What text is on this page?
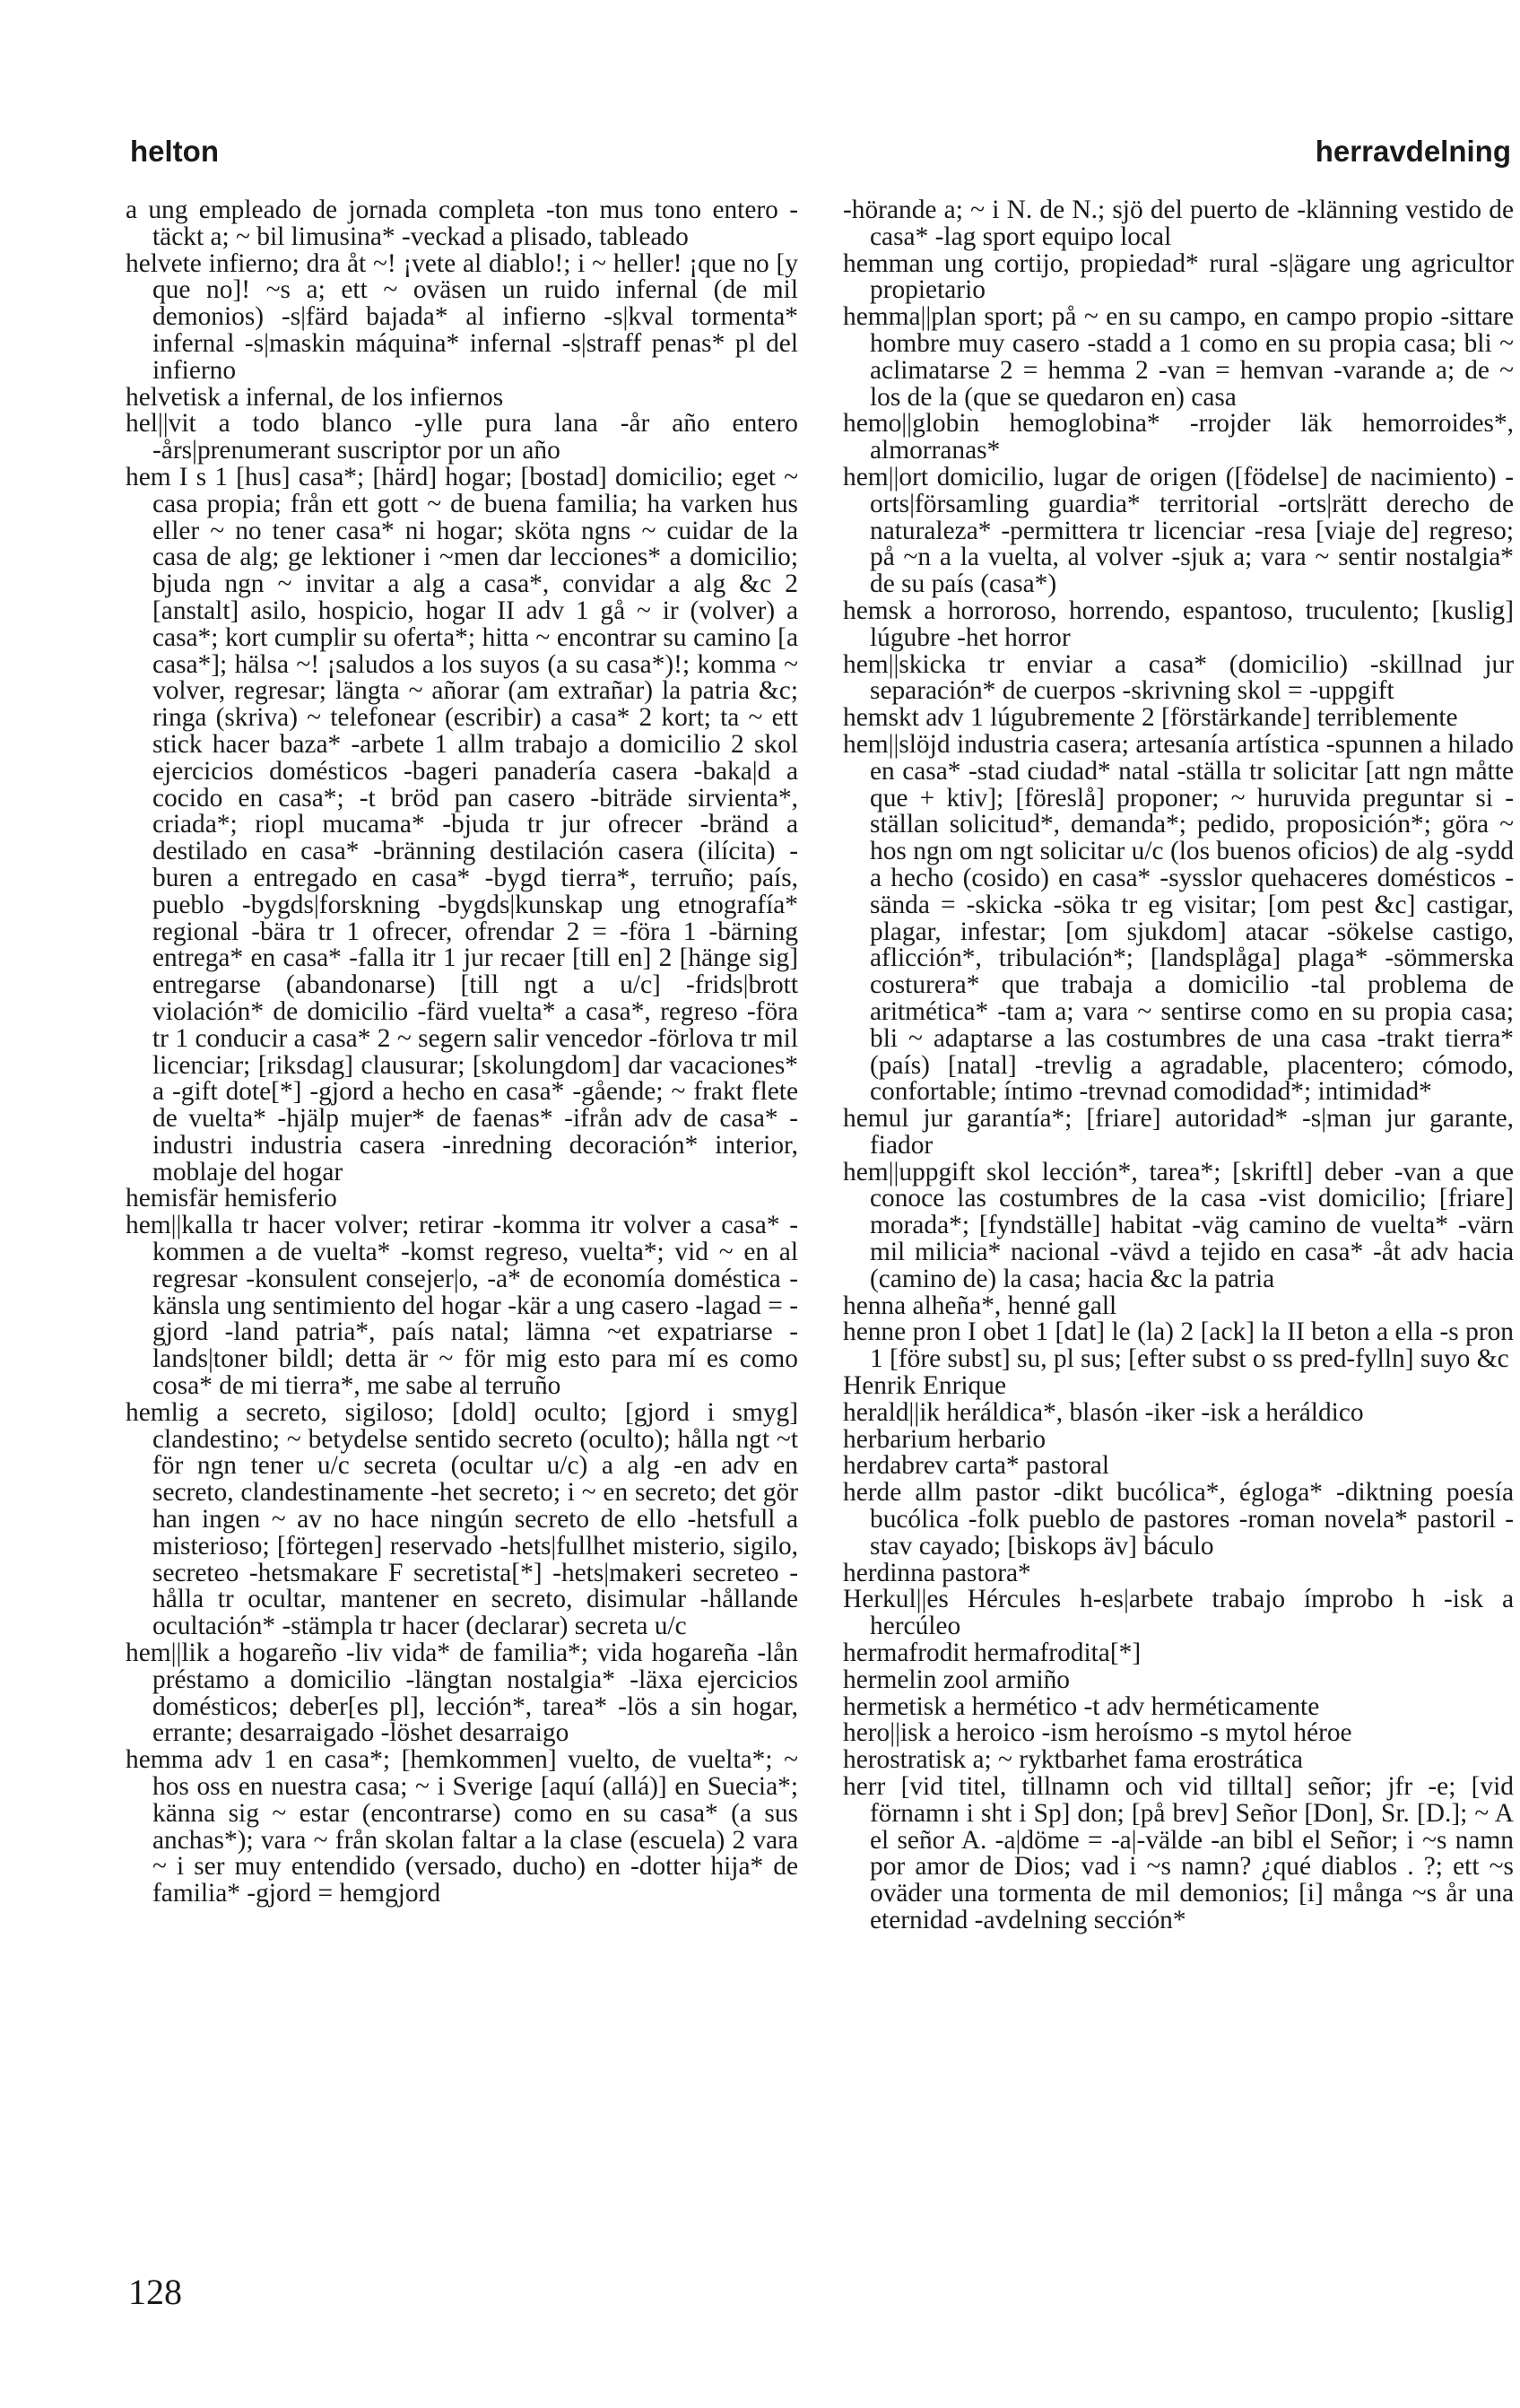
helton	herravdelning

a ung empleado de jornada completa -ton mus tono entero -täckt a; ~ bil limusina* -veckad a plisado, tableado

helvete infierno; dra åt ~! ¡vete al diablo!; i ~ heller! ¡que no [y que no]! ~s a; ett ~ oväsen un ruido infernal (de mil demonios) -s|färd bajada* al infierno -s|kval tormenta* infernal -s|maskin máquina* infernal -s|straff penas* pl del infierno

helvetisk a infernal, de los infiernos

hel||vit a todo blanco -ylle pura lana -år año entero -års|prenumerant suscriptor por un año

hem I s 1 [hus] casa*; [härd] hogar; [bostad] domicilio; eget ~ casa propia; från ett gott ~ de buena familia; ha varken hus eller ~ no tener casa* ni hogar; sköta ngns ~ cuidar de la casa de alg; ge lektioner i ~men dar lecciones* a domicilio; bjuda ngn ~ invitar a alg a casa*, convidar a alg &c 2 [anstalt] asilo, hospicio, hogar II adv 1 gå ~ ir (volver) a casa*; kort cumplir su oferta*; hitta ~ encontrar su camino [a casa*]; hälsa ~! ¡saludos a los suyos (a su casa*)!; komma ~ volver, regresar; längta ~ añorar (am extrañar) la patria &c; ringa (skriva) ~ telefonear (escribir) a casa* 2 kort; ta ~ ett stick hacer baza* -arbete 1 allm trabajo a domicilio 2 skol ejercicios domésticos -bageri panadería casera -baka|d a cocido en casa*; -t bröd pan casero -biträde sirvienta*, criada*; riopl mucama* -bjuda tr jur ofrecer -bränd a destilado en casa* -bränning destilación casera (ilícita) -buren a entregado en casa* -bygd tierra*, terruño; país, pueblo -bygds|forskning -bygds|kunskap ung etnografía* regional -bära tr 1 ofrecer, ofrendar 2 = -föra 1 -bärning entrega* en casa* -falla itr 1 jur recaer [till en] 2 [hänge sig] entregarse (abandonarse) [till ngt a u/c] -frids|brott violación* de domicilio -färd vuelta* a casa*, regreso -föra tr 1 conducir a casa* 2 ~ segern salir vencedor -förlova tr mil licenciar; [riksdag] clausurar; [skolungdom] dar vacaciones* a -gift dote[*] -gjord a hecho en casa* -gående; ~ frakt flete de vuelta* -hjälp mujer* de faenas* -ifrån adv de casa* -industri industria casera -inredning decoración* interior, moblaje del hogar

hemisfär hemisferio

hem||kalla tr hacer volver; retirar -komma itr volver a casa* -kommen a de vuelta* -komst regreso, vuelta*; vid ~ en al regresar -konsulent consejer|o, -a* de economía doméstica -känsla ung sentimiento del hogar -kär a ung casero -lagad = -gjord -land patria*, país natal; lämna ~et expatriarse -lands|toner bildl; detta är ~ för mig esto para mí es como cosa* de mi tierra*, me sabe al terruño

hemlig a secreto, sigiloso; [dold] oculto; [gjord i smyg] clandestino; ~ betydelse sentido secreto (oculto); hålla ngt ~t för ngn tener u/c secreta (ocultar u/c) a alg -en adv en secreto, clandestinamente -het secreto; i ~ en secreto; det gör han ingen ~ av no hace ningún secreto de ello -hetsfull a misterioso; [förtegen] reservado -hets|fullhet misterio, sigilo, secreteo -hetsmakare F secretista[*] -hets|makeri secreteo -hålla tr ocultar, mantener en secreto, disimular -hållande ocultación* -stämpla tr hacer (declarar) secreta u/c

hem||lik a hogareño -liv vida* de familia*; vida hogareña -lån préstamo a domicilio -längtan nostalgia* -läxa ejercicios domésticos; deber[es pl], lección*, tarea* -lös a sin hogar, errante; desarraigado -löshet desarraigo

hemma adv 1 en casa*; [hemkommen] vuelto, de vuelta*; ~ hos oss en nuestra casa; ~ i Sverige [aquí (allá)] en Suecia*; känna sig ~ estar (encontrarse) como en su casa* (a sus anchas*); vara ~ från skolan faltar a la clase (escuela) 2 vara ~ i ser muy entendido (versado, ducho) en -dotter hija* de familia* -gjord = hemgjord

-hörande a; ~ i N. de N.; sjö del puerto de -klänning vestido de casa* -lag sport equipo local

hemman ung cortijo, propiedad* rural -s|ägare ung agricultor propietario

hemma||plan sport; på ~ en su campo, en campo propio -sittare hombre muy casero -stadd a 1 como en su propia casa; bli ~ aclimatarse 2 = hemma 2 -van = hemvan -varande a; de ~ los de la (que se quedaron en) casa

hemo||globin hemoglobina* -rrojder läk hemorroides*, almorranas*

hem||ort domicilio, lugar de origen ([födelse] de nacimiento) -orts|församling guardia* territorial -orts|rätt derecho de naturaleza* -permittera tr licenciar -resa [viaje de] regreso; på ~n a la vuelta, al volver -sjuk a; vara ~ sentir nostalgia* de su país (casa*)

hemsk a horroroso, horrendo, espantoso, truculento; [kuslig] lúgubre -het horror

hem||skicka tr enviar a casa* (domicilio) -skillnad jur separación* de cuerpos -skrivning skol = -uppgift

hemskt adv 1 lúgubremente 2 [förstärkande] terriblemente

hem||slöjd industria casera; artesanía artística -spunnen a hilado en casa* -stad ciudad* natal -ställa tr solicitar [att ngn måtte que + ktiv]; [föreslå] proponer; ~ huruvida preguntar si -ställan solicitud*, demanda*; pedido, proposición*; göra ~ hos ngn om ngt solicitar u/c (los buenos oficios) de alg -sydd a hecho (cosido) en casa* -sysslor quehaceres domésticos -sända = -skicka -söka tr eg visitar; [om pest &c] castigar, plagar, infestar; [om sjukdom] atacar -sökelse castigo, aflicción*, tribulación*; [landsplåga] plaga* -sömmerska costurera* que trabaja a domicilio -tal problema de aritmética* -tam a; vara ~ sentirse como en su propia casa; bli ~ adaptarse a las costumbres de una casa -trakt tierra* (país) [natal] -trevlig a agradable, placentero; cómodo, confortable; íntimo -trevnad comodidad*; intimidad*

hemul jur garantía*; [friare] autoridad* -s|man jur garante, fiador

hem||uppgift skol lección*, tarea*; [skriftl] deber -van a que conoce las costumbres de la casa -vist domicilio; [friare] morada*; [fyndställe] habitat -väg camino de vuelta* -värn mil milicia* nacional -vävd a tejido en casa* -åt adv hacia (camino de) la casa; hacia &c la patria

henna alheña*, henné gall

henne pron I obet 1 [dat] le (la) 2 [ack] la II beton a ella -s pron 1 [före subst] su, pl sus; [efter subst o ss pred-fylln] suyo &c

Henrik Enrique

herald||ik heráldica*, blasón -iker -isk a heráldico

herbarium herbario

herdabrev carta* pastoral

herde allm pastor -dikt bucólica*, égloga* -diktning poesía bucólica -folk pueblo de pastores -roman novela* pastoril -stav cayado; [biskops äv] báculo

herdinna pastora*

Herkul||es Hércules h-es|arbete trabajo ímprobo h -isk a hercúleo

hermafrodit hermafrodita[*]

hermelin zool armiño

hermetisk a hermético -t adv herméticamente

hero||isk a heroico -ism heroísmo -s mytol héroe

herostratisk a; ~ ryktbarhet fama erostrática

herr [vid titel, tillnamn och vid tilltal] señor; jfr -e; [vid förnamn i sht i Sp] don; [på brev] Señor [Don], Sr. [D.]; ~ A el señor A. -a|döme = -a|-välde -an bibl el Señor; i ~s namn por amor de Dios; vad i ~s namn? ¿qué diablos . ?; ett ~s oväder una tormenta de mil demonios; [i] många ~s år una eternidad -avdelning sección*

128
